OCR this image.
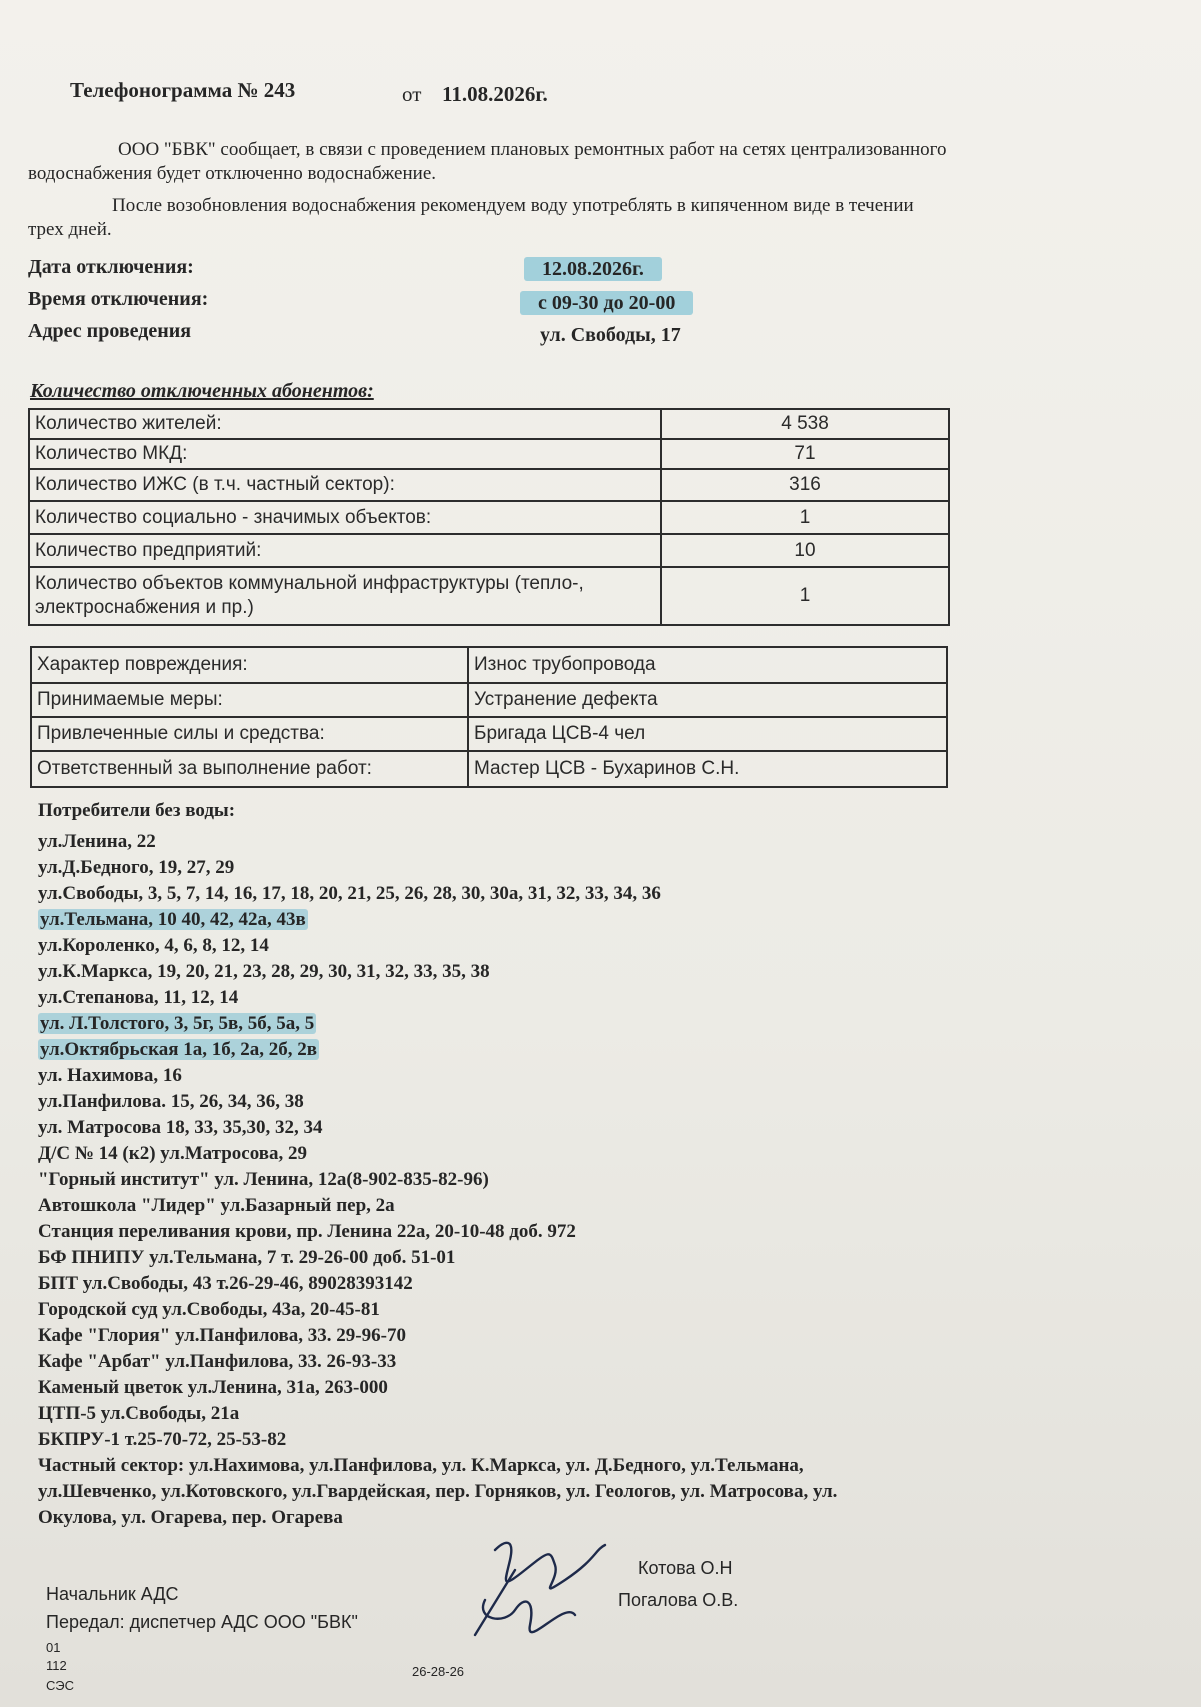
Телефонограмма № 243	от 11.08.2026г.
ООО "БВК" сообщает, в связи с проведением плановых ремонтных работ на сетях централизованного водоснабжения будет отключенно водоснабжение.
После возобновления водоснабжения рекомендуем воду употреблять в кипяченном виде в течении трех дней.
Дата отключения:	12.08.2026г.
Время отключения:	с 09-30 до 20-00
Адрес проведения	ул. Свободы, 17
Количество отключенных абонентов:
Количество жителей:	4 538
Количество МКД:	71
Количество ИЖС (в т.ч. частный сектор):	316
Количество социально - значимых объектов:	1
Количество предприятий:	10
Количество объектов коммунальной инфраструктуры (тепло-, электроснабжения и пр.)	1
Характер повреждения:	Износ трубопровода
Принимаемые меры:	Устранение дефекта
Привлеченные силы и средства:	Бригада ЦСВ-4 чел
Ответственный за выполнение работ:	Мастер ЦСВ - Бухаринов С.Н.
Потребители без воды:
ул.Ленина, 22
ул.Д.Бедного, 19, 27, 29
ул.Свободы, 3, 5, 7, 14, 16, 17, 18, 20, 21, 25, 26, 28, 30, 30а, 31, 32, 33, 34, 36
ул.Тельмана, 10 40, 42, 42а, 43в
ул.Короленко, 4, 6, 8, 12, 14
ул.К.Маркса, 19, 20, 21, 23, 28, 29, 30, 31, 32, 33, 35, 38
ул.Степанова, 11, 12, 14
ул. Л.Толстого, 3, 5г, 5в, 5б, 5а, 5
ул.Октябрьская 1а, 1б, 2а, 2б, 2в
ул. Нахимова, 16
ул.Панфилова. 15, 26, 34, 36, 38
ул. Матросова 18, 33, 35,30, 32, 34
Д/С № 14 (к2) ул.Матросова, 29
"Горный институт" ул. Ленина, 12а(8-902-835-82-96)
Автошкола "Лидер" ул.Базарный пер, 2а
Станция переливания крови, пр. Ленина 22а, 20-10-48 доб. 972
БФ ПНИПУ ул.Тельмана, 7 т. 29-26-00 доб. 51-01
БПТ ул.Свободы, 43 т.26-29-46, 89028393142
Городской суд ул.Свободы, 43а, 20-45-81
Кафе "Глория" ул.Панфилова, 33. 29-96-70
Кафе "Арбат" ул.Панфилова, 33. 26-93-33
Каменый цветок ул.Ленина, 31а, 263-000
ЦТП-5 ул.Свободы, 21а
БКПРУ-1 т.25-70-72, 25-53-82
Частный сектор: ул.Нахимова, ул.Панфилова, ул. К.Маркса, ул. Д.Бедного, ул.Тельмана, ул.Шевченко, ул.Котовского, ул.Гвардейская, пер. Горняков, ул. Геологов, ул. Матросова, ул. Окулова, ул. Огарева, пер. Огарева
Начальник АДС
Котова О.Н
Передал: диспетчер АДС ООО "БВК"
Погалова О.В.
01
112
СЭС
26-28-26
